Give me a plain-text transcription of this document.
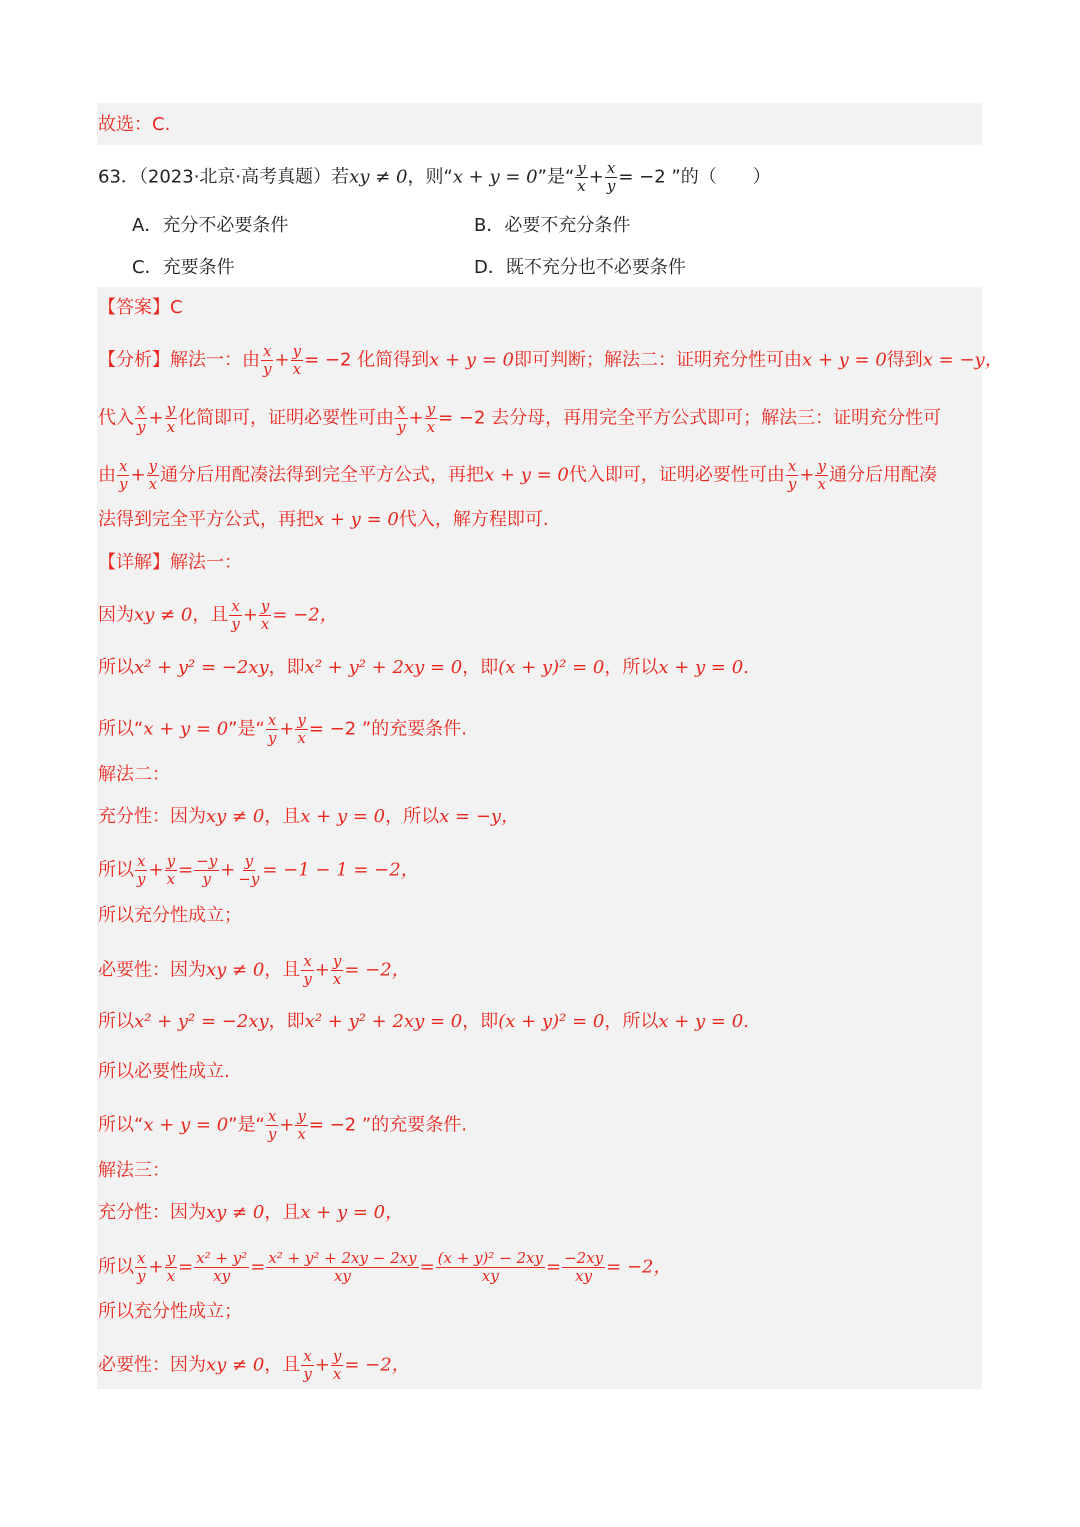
故选：C.
63．（2023·北京·高考真题）若xy ≠ 0，则“x + y = 0”是“ $\frac{y}{x} + \frac{x}{y} = -2$ ”的（　　）
A．充分不必要条件	B．必要不充分条件
C．充要条件	D．既不充分也不必要条件
【答案】C
【分析】解法一：由 $\frac{x}{y} + \frac{y}{x} = -2$ 化简得到x + y = 0即可判断；解法二：证明充分性可由x + y = 0得到x = −y，
代入 $\frac{x}{y} + \frac{y}{x}$ 化简即可，证明必要性可由 $\frac{x}{y} + \frac{y}{x} = -2$ 去分母，再用完全平方公式即可；解法三：证明充分性可
由 $\frac{x}{y} + \frac{y}{x}$ 通分后用配凑法得到完全平方公式，再把x + y = 0代入即可，证明必要性可由 $\frac{x}{y} + \frac{y}{x}$ 通分后用配凑
法得到完全平方公式，再把x + y = 0代入，解方程即可.
【详解】解法一：
因为xy ≠ 0，且 $\frac{x}{y} + \frac{y}{x} = -2$，
所以x² + y² = −2xy，即x² + y² + 2xy = 0，即(x + y)² = 0，所以x + y = 0.
所以“x + y = 0”是“ $\frac{x}{y} + \frac{y}{x} = -2$ ”的充要条件.
解法二：
充分性：因为xy ≠ 0，且x + y = 0，所以x = −y，
所以 $\frac{x}{y} + \frac{y}{x} = \frac{-y}{y} + \frac{y}{-y} = -1 - 1 = -2$，
所以充分性成立；
必要性：因为xy ≠ 0，且 $\frac{x}{y} + \frac{y}{x} = -2$，
所以x² + y² = −2xy，即x² + y² + 2xy = 0，即(x + y)² = 0，所以x + y = 0.
所以必要性成立.
所以“x + y = 0”是“ $\frac{x}{y} + \frac{y}{x} = -2$ ”的充要条件.
解法三：
充分性：因为xy ≠ 0，且x + y = 0，
所以 $\frac{x}{y} + \frac{y}{x} = \frac{\text{x² + y²}}{xy} = \frac{\text{x² + y² + 2xy − 2xy}}{xy} = \frac{\text{(x + y)² − 2xy}}{xy} = \frac{-2xy}{xy} = -2$，
所以充分性成立；
必要性：因为xy ≠ 0，且 $\frac{x}{y} + \frac{y}{x} = -2$，
